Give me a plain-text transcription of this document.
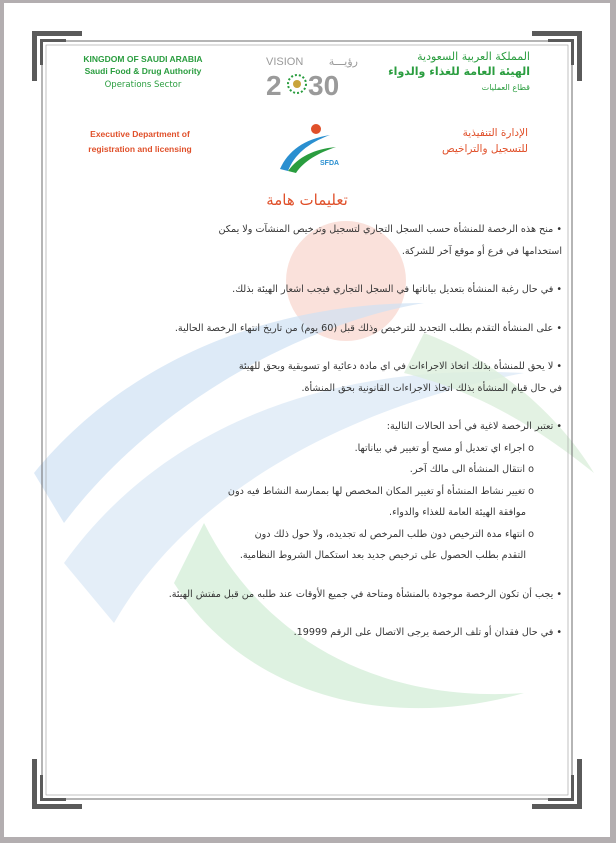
KINGDOM OF SAUDI ARABIA
Saudi Food & Drug Authority
Operations Sector
VISION رؤيـــة
2 30
المملكة العربية السعودية
الهيئة العامة للغذاء والدواء
قطاع العمليات
Executive Department of
registration and licensing
الإدارة التنفيذية
للتسجيل والتراخيص
SFDA
تعليمات هامة
• منح هذه الرخصة للمنشأة حسب السجل التجاري لتسجيل وترخيص المنشآت ولا يمكن
استخدامها في فرع أو موقع آخر للشركة.
• في حال رغبة المنشأة بتعديل بياناتها في السجل التجاري فيجب اشعار الهيئة بذلك.
• على المنشأة التقدم بطلب التجديد للترخيص وذلك قبل (60 يوم) من تاريخ انتهاء الرخصة الحالية.
• لا يحق للمنشأة بذلك اتخاذ الاجراءات في اي مادة دعائية او تسويقية ويحق للهيئة
في حال قيام المنشأة بذلك اتخاذ الاجراءات القانونية بحق المنشأة.
• تعتبر الرخصة لاغية في أحد الحالات التالية:
o اجراء اي تعديل أو مسح أو تغيير في بياناتها.
o انتقال المنشأة الى مالك آخر.
o تغيير نشاط المنشأة أو تغيير المكان المخصص لها بممارسة النشاط فيه دون
موافقة الهيئة العامة للغذاء والدواء.
o انتهاء مدة الترخيص دون طلب المرخص له تجديده، ولا حول ذلك دون
التقدم بطلب الحصول على ترخيص جديد بعد استكمال الشروط النظامية.
• يجب أن تكون الرخصة موجودة بالمنشأة ومتاحة في جميع الأوقات عند طلبه من قبل مفتش الهيئة.
• في حال فقدان أو تلف الرخصة يرجى الاتصال على الرقم 19999.
